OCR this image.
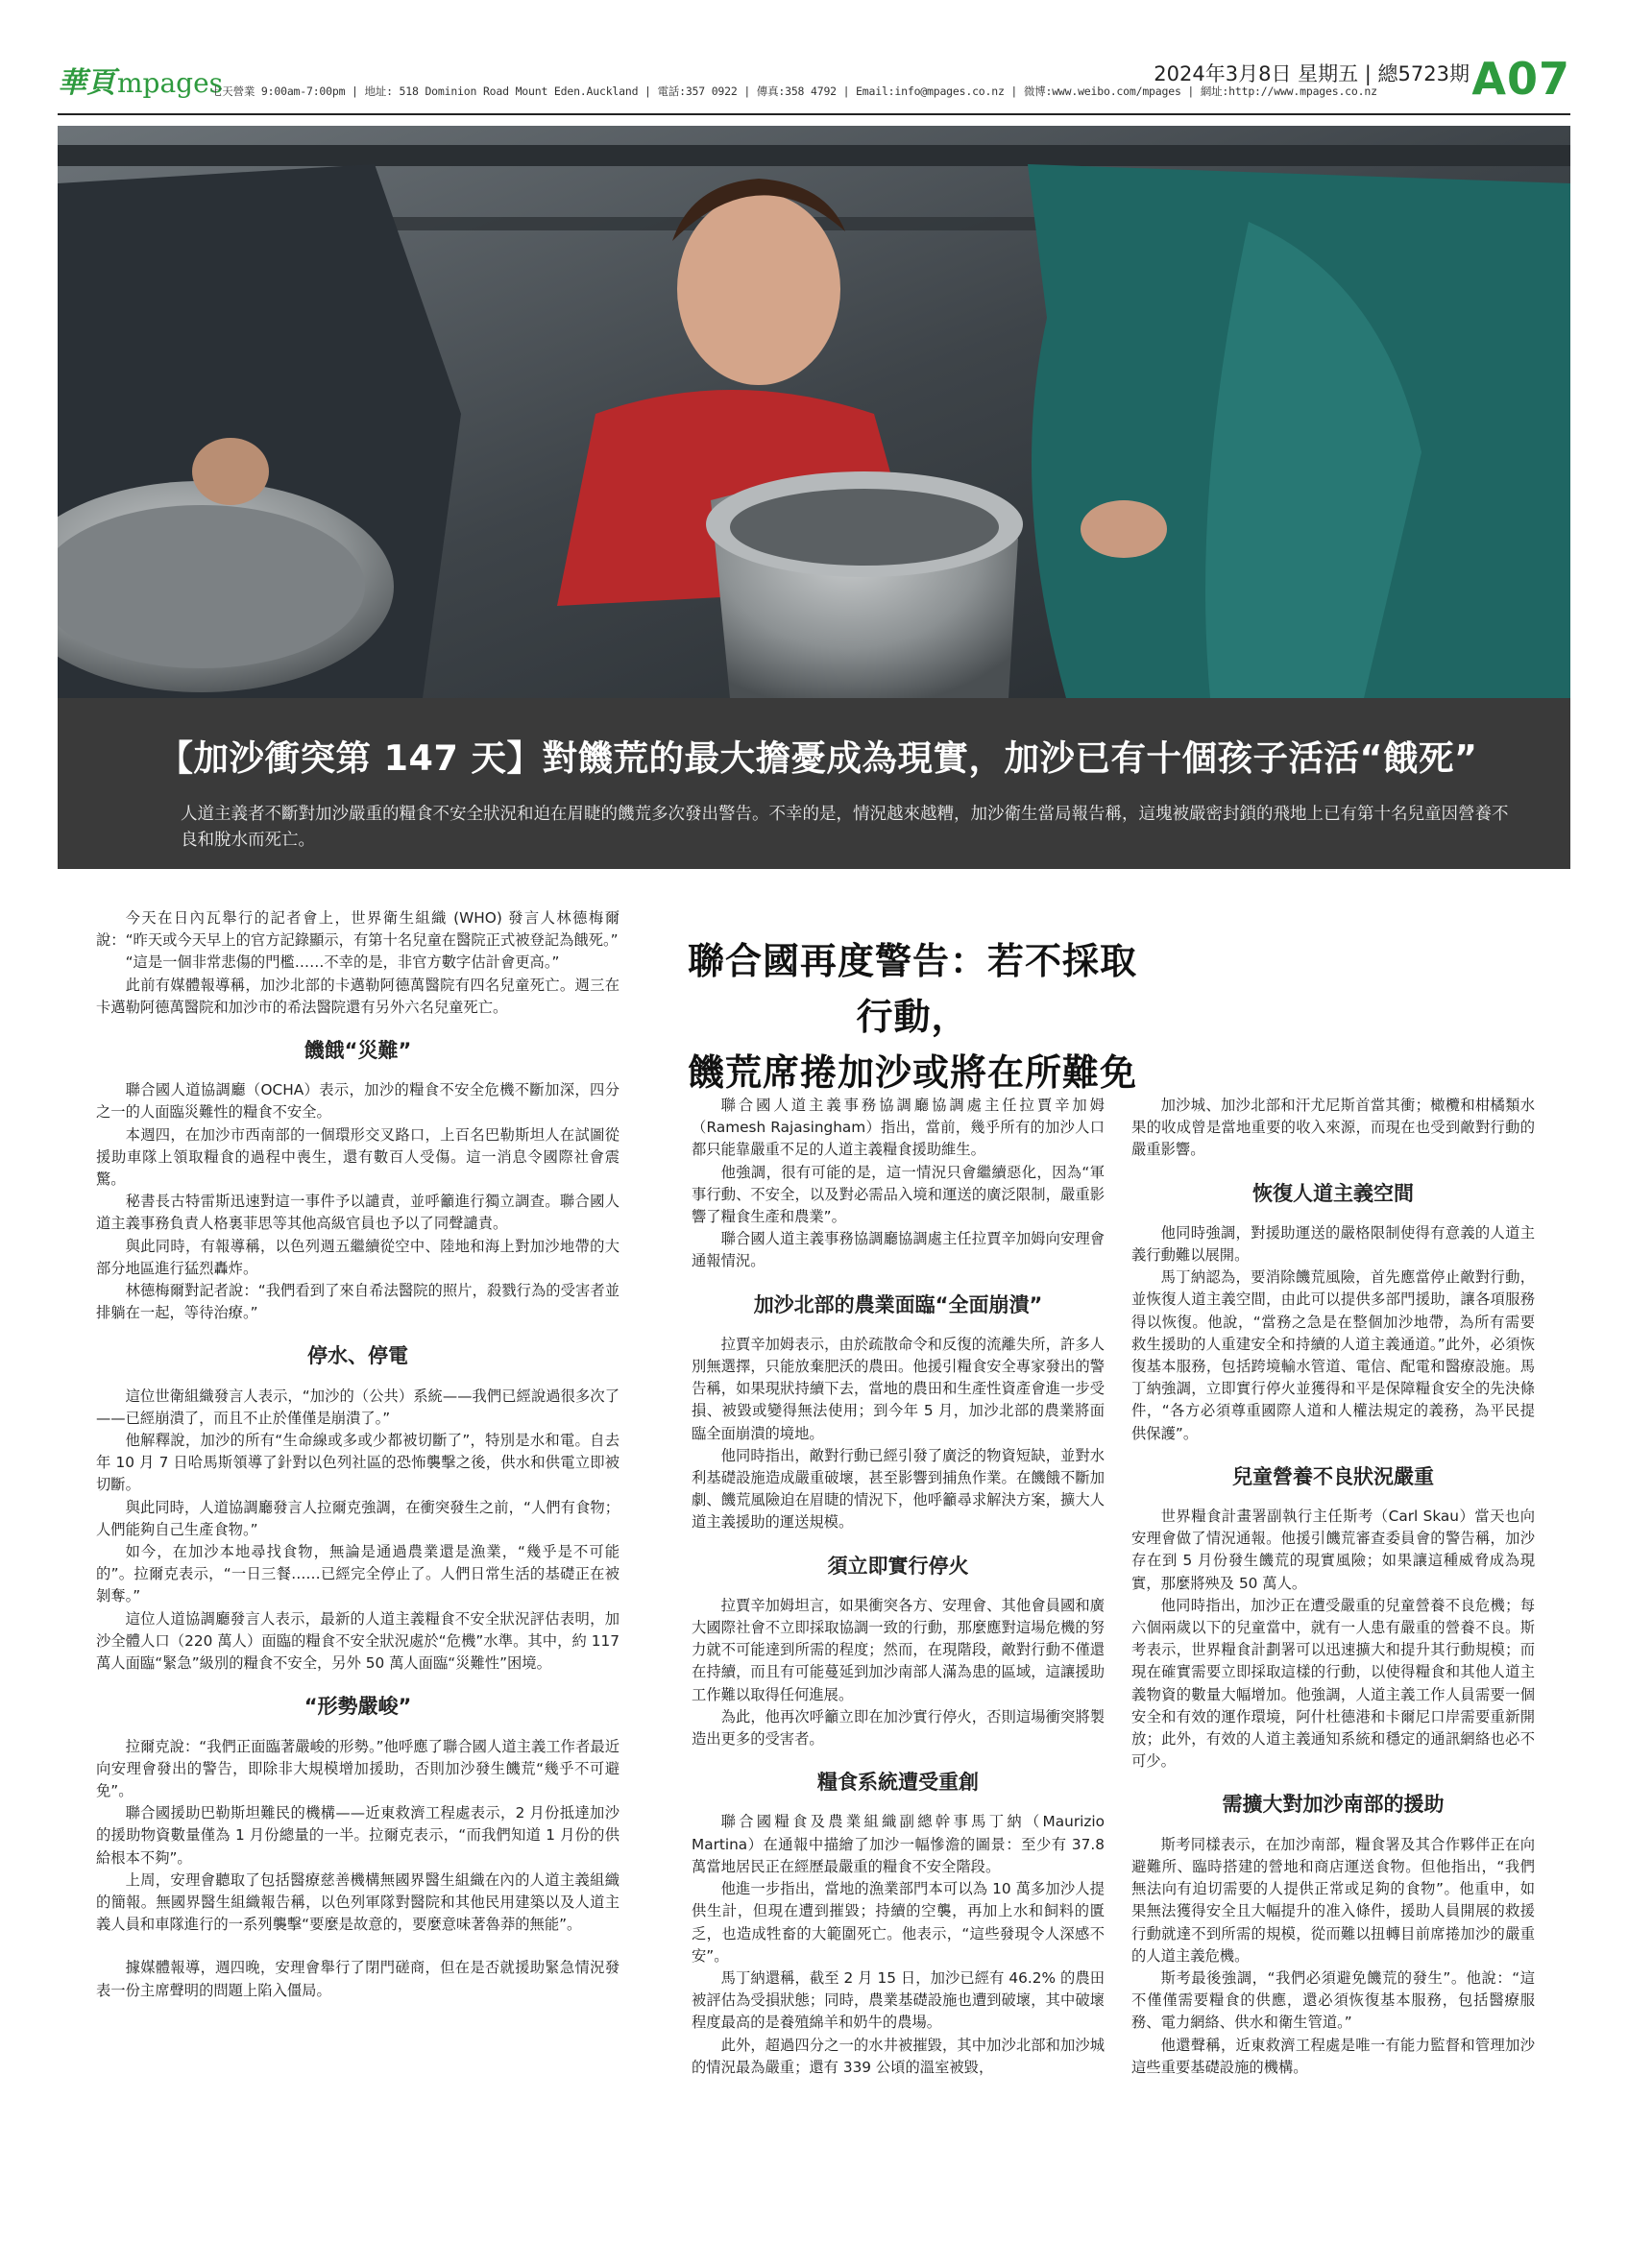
華頁 mpages
七天營業 9:00am-7:00pm | 地址: 518 Dominion Road Mount Eden.Auckland | 電話:357 0922 | 傳真:358 4792 | Email:info@mpages.co.nz | 微博:www.weibo.com/mpages | 網址:http://www.mpages.co.nz
2024年3月8日 星期五 | 總5723期 A07
【加沙衝突第 147 天】對饑荒的最大擔憂成為現實，加沙已有十個孩子活活“餓死”

人道主義者不斷對加沙嚴重的糧食不安全狀況和迫在眉睫的饑荒多次發出警告。不幸的是，情況越來越糟，加沙衛生當局報告稱，這塊被嚴密封鎖的飛地上已有第十名兒童因營養不良和脫水而死亡。

聯合國再度警告：若不採取行動，
饑荒席捲加沙或將在所難免

今天在日內瓦舉行的記者會上，世界衛生組織 (WHO) 發言人林德梅爾說：“昨天或今天早上的官方記錄顯示，有第十名兒童在醫院正式被登記為餓死。”

“這是一個非常悲傷的門檻……不幸的是，非官方數字估計會更高。”

此前有媒體報導稱，加沙北部的卡邁勒阿德萬醫院有四名兒童死亡。週三在卡邁勒阿德萬醫院和加沙市的希法醫院還有另外六名兒童死亡。

饑餓“災難”

聯合國人道協調廳（OCHA）表示，加沙的糧食不安全危機不斷加深，四分之一的人面臨災難性的糧食不安全。

本週四，在加沙市西南部的一個環形交叉路口，上百名巴勒斯坦人在試圖從援助車隊上領取糧食的過程中喪生，還有數百人受傷。這一消息令國際社會震驚。

秘書長古特雷斯迅速對這一事件予以譴責，並呼籲進行獨立調查。聯合國人道主義事務負責人格裏菲思等其他高級官員也予以了同聲譴責。

與此同時，有報導稱，以色列週五繼續從空中、陸地和海上對加沙地帶的大部分地區進行猛烈轟炸。

林德梅爾對記者說：“我們看到了來自希法醫院的照片，殺戮行為的受害者並排躺在一起，等待治療。”

停水、停電

這位世衛組織發言人表示，“加沙的（公共）系統——我們已經說過很多次了——已經崩潰了，而且不止於僅僅是崩潰了。”

他解釋說，加沙的所有“生命線或多或少都被切斷了”，特別是水和電。自去年 10 月 7 日哈馬斯領導了針對以色列社區的恐怖襲擊之後，供水和供電立即被切斷。

與此同時，人道協調廳發言人拉爾克強調，在衝突發生之前，“人們有食物；人們能夠自己生產食物。”

如今，在加沙本地尋找食物，無論是通過農業還是漁業，“幾乎是不可能的”。拉爾克表示，“一日三餐……已經完全停止了。人們日常生活的基礎正在被剝奪。”

這位人道協調廳發言人表示，最新的人道主義糧食不安全狀況評估表明，加沙全體人口（220 萬人）面臨的糧食不安全狀況處於“危機”水準。其中，約 117 萬人面臨“緊急”級別的糧食不安全，另外 50 萬人面臨“災難性”困境。

“形勢嚴峻”

拉爾克說：“我們正面臨著嚴峻的形勢。”他呼應了聯合國人道主義工作者最近向安理會發出的警告，即除非大規模增加援助，否則加沙發生饑荒“幾乎不可避免”。

聯合國援助巴勒斯坦難民的機構——近東救濟工程處表示，2 月份抵達加沙的援助物資數量僅為 1 月份總量的一半。拉爾克表示，“而我們知道 1 月份的供給根本不夠”。

上周，安理會聽取了包括醫療慈善機構無國界醫生組織在內的人道主義組織的簡報。無國界醫生組織報告稱，以色列軍隊對醫院和其他民用建築以及人道主義人員和車隊進行的一系列襲擊“要麼是故意的，要麼意味著魯莽的無能”。

據媒體報導，週四晚，安理會舉行了閉門磋商，但在是否就援助緊急情況發表一份主席聲明的問題上陷入僵局。

聯合國人道主義事務協調廳協調處主任拉賈辛加姆（Ramesh Rajasingham）指出，當前，幾乎所有的加沙人口都只能靠嚴重不足的人道主義糧食援助維生。

他強調，很有可能的是，這一情況只會繼續惡化，因為“軍事行動、不安全，以及對必需品入境和運送的廣泛限制，嚴重影響了糧食生產和農業”。

聯合國人道主義事務協調廳協調處主任拉賈辛加姆向安理會通報情況。

加沙北部的農業面臨“全面崩潰”

拉賈辛加姆表示，由於疏散命令和反復的流離失所，許多人別無選擇，只能放棄肥沃的農田。他援引糧食安全專家發出的警告稱，如果現狀持續下去，當地的農田和生產性資產會進一步受損、被毀或變得無法使用；到今年 5 月，加沙北部的農業將面臨全面崩潰的境地。

他同時指出，敵對行動已經引發了廣泛的物資短缺，並對水利基礎設施造成嚴重破壞，甚至影響到捕魚作業。在饑餓不斷加劇、饑荒風險迫在眉睫的情況下，他呼籲尋求解決方案，擴大人道主義援助的運送規模。

須立即實行停火

拉賈辛加姆坦言，如果衝突各方、安理會、其他會員國和廣大國際社會不立即採取協調一致的行動，那麼應對這場危機的努力就不可能達到所需的程度；然而，在現階段，敵對行動不僅還在持續，而且有可能蔓延到加沙南部人滿為患的區域，這讓援助工作難以取得任何進展。

為此，他再次呼籲立即在加沙實行停火，否則這場衝突將製造出更多的受害者。

糧食系統遭受重創

聯合國糧食及農業組織副總幹事馬丁納（Maurizio Martina）在通報中描繪了加沙一幅慘澹的圖景：至少有 37.8 萬當地居民正在經歷最嚴重的糧食不安全階段。

他進一步指出，當地的漁業部門本可以為 10 萬多加沙人提供生計，但現在遭到摧毀；持續的空襲，再加上水和飼料的匱乏，也造成牲畜的大範圍死亡。他表示，“這些發現令人深感不安”。

馬丁納還稱，截至 2 月 15 日，加沙已經有 46.2% 的農田被評估為受損狀態；同時，農業基礎設施也遭到破壞，其中破壞程度最高的是養殖綿羊和奶牛的農場。

此外，超過四分之一的水井被摧毀，其中加沙北部和加沙城的情況最為嚴重；還有 339 公頃的溫室被毀，

加沙城、加沙北部和汗尤尼斯首當其衝；橄欖和柑橘類水果的收成曾是當地重要的收入來源，而現在也受到敵對行動的嚴重影響。

恢復人道主義空間

他同時強調，對援助運送的嚴格限制使得有意義的人道主義行動難以展開。

馬丁納認為，要消除饑荒風險，首先應當停止敵對行動，並恢復人道主義空間，由此可以提供多部門援助，讓各項服務得以恢復。他說，“當務之急是在整個加沙地帶，為所有需要救生援助的人重建安全和持續的人道主義通道。”此外，必須恢復基本服務，包括跨境輸水管道、電信、配電和醫療設施。馬丁納強調，立即實行停火並獲得和平是保障糧食安全的先決條件，“各方必須尊重國際人道和人權法規定的義務，為平民提供保護”。

兒童營養不良狀況嚴重

世界糧食計畫署副執行主任斯考（Carl Skau）當天也向安理會做了情況通報。他援引饑荒審查委員會的警告稱，加沙存在到 5 月份發生饑荒的現實風險；如果讓這種威脅成為現實，那麼將殃及 50 萬人。

他同時指出，加沙正在遭受嚴重的兒童營養不良危機；每六個兩歲以下的兒童當中，就有一人患有嚴重的營養不良。斯考表示，世界糧食計劃署可以迅速擴大和提升其行動規模；而現在確實需要立即採取這樣的行動，以使得糧食和其他人道主義物資的數量大幅增加。他強調，人道主義工作人員需要一個安全和有效的運作環境，阿什杜德港和卡爾尼口岸需要重新開放；此外，有效的人道主義通知系統和穩定的通訊網絡也必不可少。

需擴大對加沙南部的援助

斯考同樣表示，在加沙南部，糧食署及其合作夥伴正在向避難所、臨時搭建的營地和商店運送食物。但他指出，“我們無法向有迫切需要的人提供正常或足夠的食物”。他重申，如果無法獲得安全且大幅提升的准入條件，援助人員開展的救援行動就達不到所需的規模，從而難以扭轉目前席捲加沙的嚴重的人道主義危機。

斯考最後強調，“我們必須避免饑荒的發生”。他說：“這不僅僅需要糧食的供應，還必須恢復基本服務，包括醫療服務、電力網絡、供水和衛生管道。”

他還聲稱，近東救濟工程處是唯一有能力監督和管理加沙這些重要基礎設施的機構。
